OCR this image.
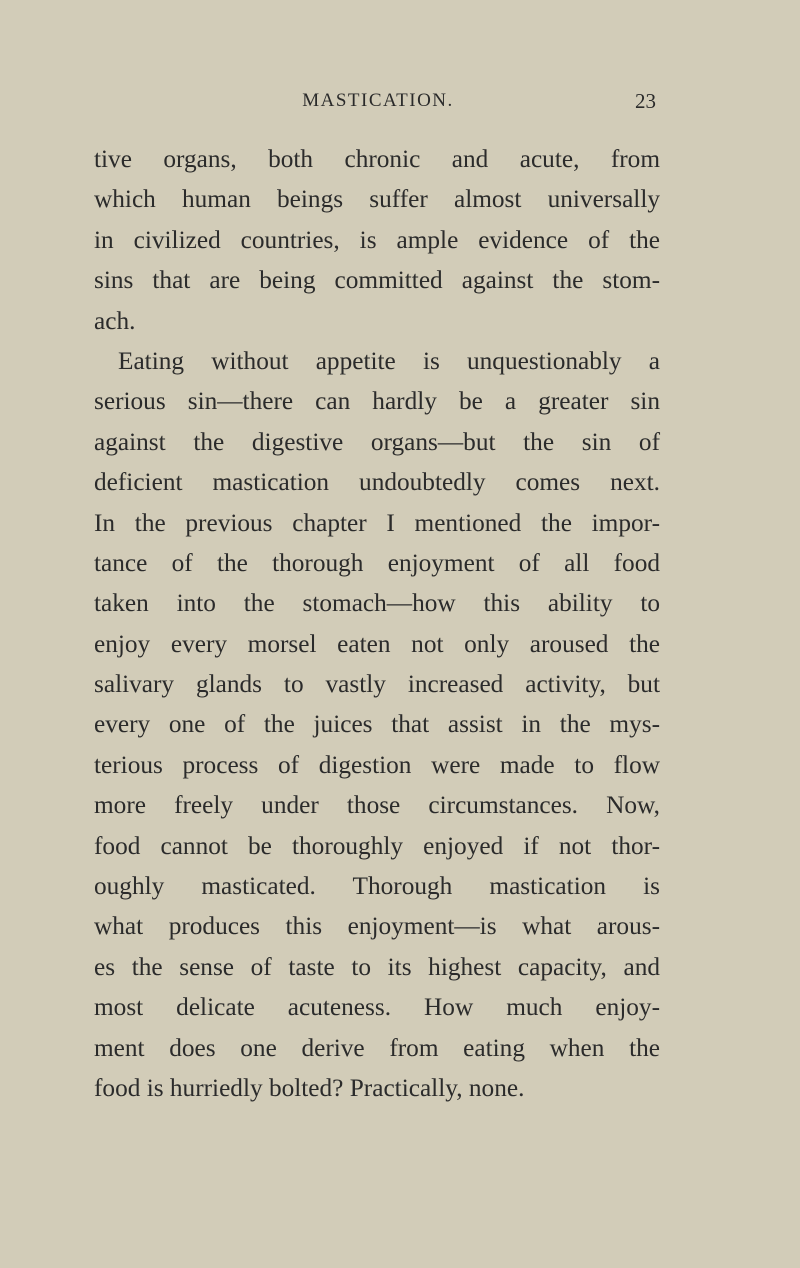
MASTICATION.	23
tive organs, both chronic and acute, from
which human beings suffer almost universally
in civilized countries, is ample evidence of the
sins that are being committed against the stom-
ach.
Eating without appetite is unquestionably a
serious sin—there can hardly be a greater sin
against the digestive organs—but the sin of
deficient mastication undoubtedly comes next.
In the previous chapter I mentioned the impor-
tance of the thorough enjoyment of all food
taken into the stomach—how this ability to
enjoy every morsel eaten not only aroused the
salivary glands to vastly increased activity, but
every one of the juices that assist in the mys-
terious process of digestion were made to flow
more freely under those circumstances. Now,
food cannot be thoroughly enjoyed if not thor-
oughly masticated. Thorough mastication is
what produces this enjoyment—is what arous-
es the sense of taste to its highest capacity, and
most delicate acuteness. How much enjoy-
ment does one derive from eating when the
food is hurriedly bolted? Practically, none.
